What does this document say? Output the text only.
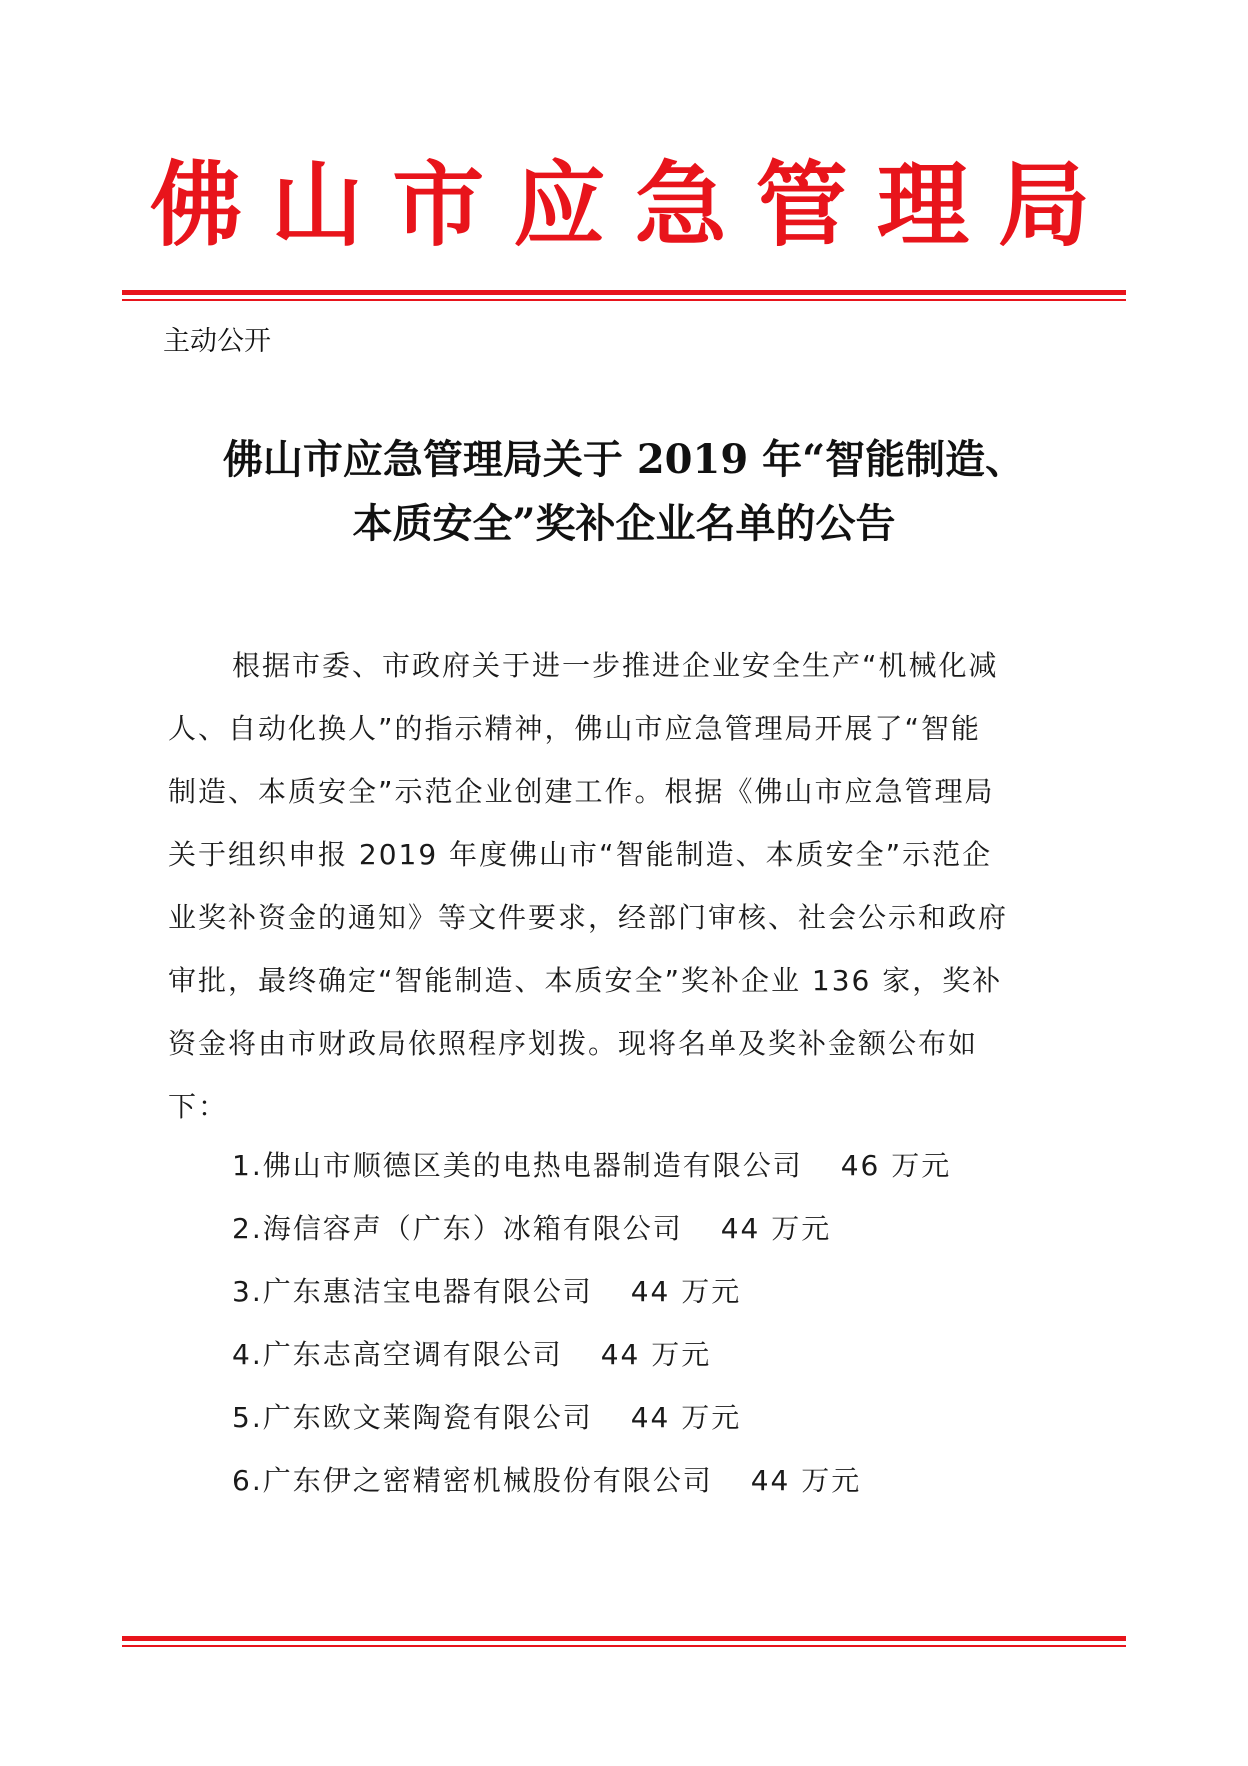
佛 山 市 应 急 管 理 局
主动公开
佛山市应急管理局关于 2019 年“智能制造、
本质安全”奖补企业名单的公告
根据市委、市政府关于进一步推进企业安全生产“机械化减
人、自动化换人”的指示精神，佛山市应急管理局开展了“智能
制造、本质安全”示范企业创建工作。根据《佛山市应急管理局
关于组织申报 2019 年度佛山市“智能制造、本质安全”示范企
业奖补资金的通知》等文件要求，经部门审核、社会公示和政府
审批，最终确定“智能制造、本质安全”奖补企业 136 家，奖补
资金将由市财政局依照程序划拨。现将名单及奖补金额公布如
下：
1. 佛山市顺德区美的电热电器制造有限公司 46 万元
2. 海信容声（广东）冰箱有限公司 44 万元
3. 广东惠洁宝电器有限公司 44 万元
4. 广东志高空调有限公司 44 万元
5. 广东欧文莱陶瓷有限公司 44 万元
6. 广东伊之密精密机械股份有限公司 44 万元
